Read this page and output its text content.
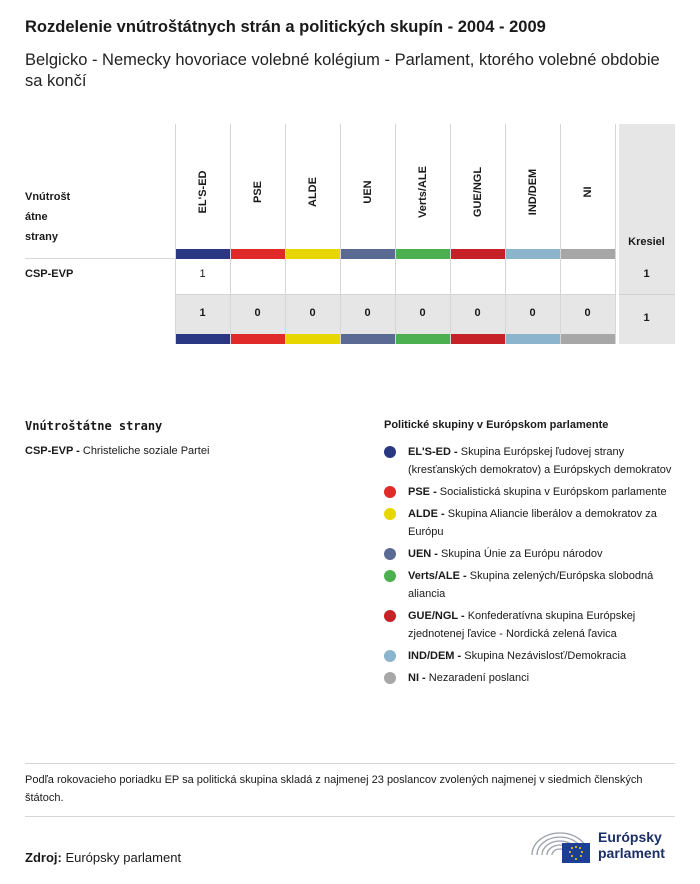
Rozdelenie vnútroštátnych strán a politických skupín - 2004 - 2009
Belgicko - Nemecky hovoriace volebné kolégium - Parlament, ktorého volebné obdobie sa končí
Vnútrošt
átne
strany
CSP-EVP
EL'S-ED
1
1
PSE
0
ALDE
0
UEN
0
Verts/ALE
0
GUE/NGL
0
IND/DEM
0
NI
0
Kresiel
1
1
Vnútroštátne strany
CSP-EVP - Christeliche soziale Partei
Politické skupiny v Európskom parlamente
EL'S-ED - Skupina Európskej ľudovej strany (kresťanských demokratov) a Európskych demokratov
PSE - Socialistická skupina v Európskom parlamente
ALDE - Skupina Aliancie liberálov a demokratov za Európu
UEN - Skupina Únie za Európu národov
Verts/ALE - Skupina zelených/Európska slobodná aliancia
GUE/NGL - Konfederatívna skupina Európskej zjednotenej ľavice - Nordická zelená ľavica
IND/DEM - Skupina Nezávislosť/Demokracia
NI - Nezaradení poslanci
Podľa rokovacieho poriadku EP sa politická skupina skladá z najmenej 23 poslancov zvolených najmenej v siedmich členských štátoch.
Zdroj: Európsky parlament
Európsky
parlament
